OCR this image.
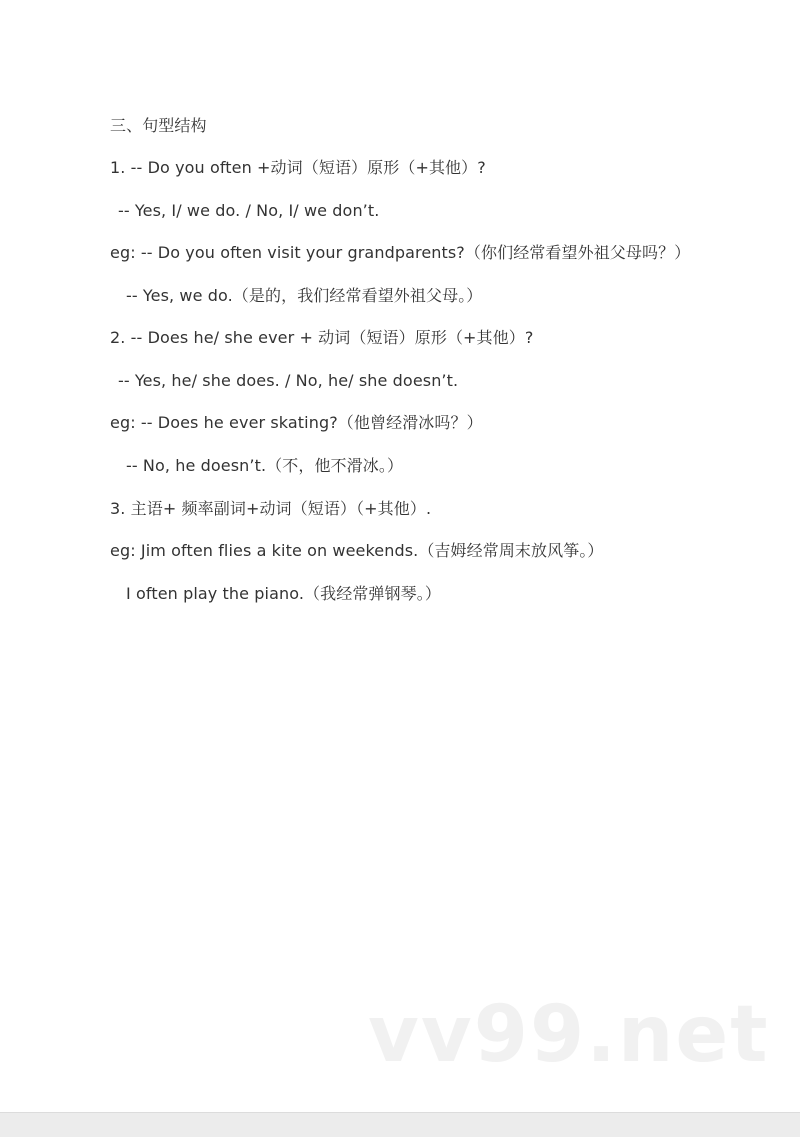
三、句型结构
1. -- Do you often +动词（短语）原形（+其他）?
-- Yes, I/ we do. / No, I/ we don’t.
eg: -- Do you often visit your grandparents?（你们经常看望外祖父母吗？）
-- Yes, we do.（是的，我们经常看望外祖父母。）
2. -- Does he/ she ever + 动词（短语）原形（+其他）?
-- Yes, he/ she does. / No, he/ she doesn’t.
eg: -- Does he ever skating?（他曾经滑冰吗？）
-- No, he doesn’t.（不，他不滑冰。）
3. 主语+ 频率副词+动词（短语）（+其他）.
eg: Jim often flies a kite on weekends.（吉姆经常周末放风筝。）
I often play the piano.（我经常弹钢琴。）
vv99.net
